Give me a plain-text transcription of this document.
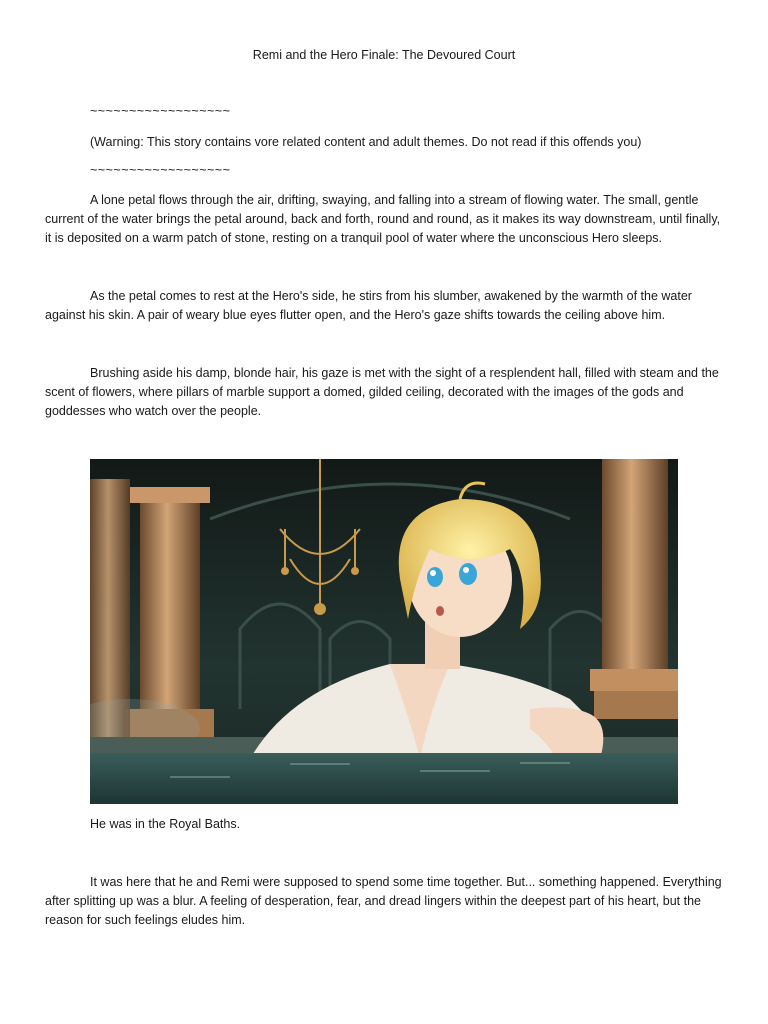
Remi and the Hero Finale: The Devoured Court
~~~~~~~~~~~~~~~~~~
(Warning: This story contains vore related content and adult themes. Do not read if this offends you)
~~~~~~~~~~~~~~~~~~

A lone petal flows through the air, drifting, swaying, and falling into a stream of flowing water. The small, gentle current of the water brings the petal around, back and forth, round and round, as it makes its way downstream, until finally, it is deposited on a warm patch of stone, resting on a tranquil pool of water where the unconscious Hero sleeps.

As the petal comes to rest at the Hero's side, he stirs from his slumber, awakened by the warmth of the water against his skin. A pair of weary blue eyes flutter open, and the Hero's gaze shifts towards the ceiling above him.

Brushing aside his damp, blonde hair, his gaze is met with the sight of a resplendent hall, filled with steam and the scent of flowers, where pillars of marble support a domed, gilded ceiling, decorated with the images of the gods and goddesses who watch over the people.

He was in the Royal Baths.

It was here that he and Remi were supposed to spend some time together. But... something happened. Everything after splitting up was a blur. A feeling of desperation, fear, and dread lingers within the deepest part of his heart, but the reason for such feelings eludes him.
